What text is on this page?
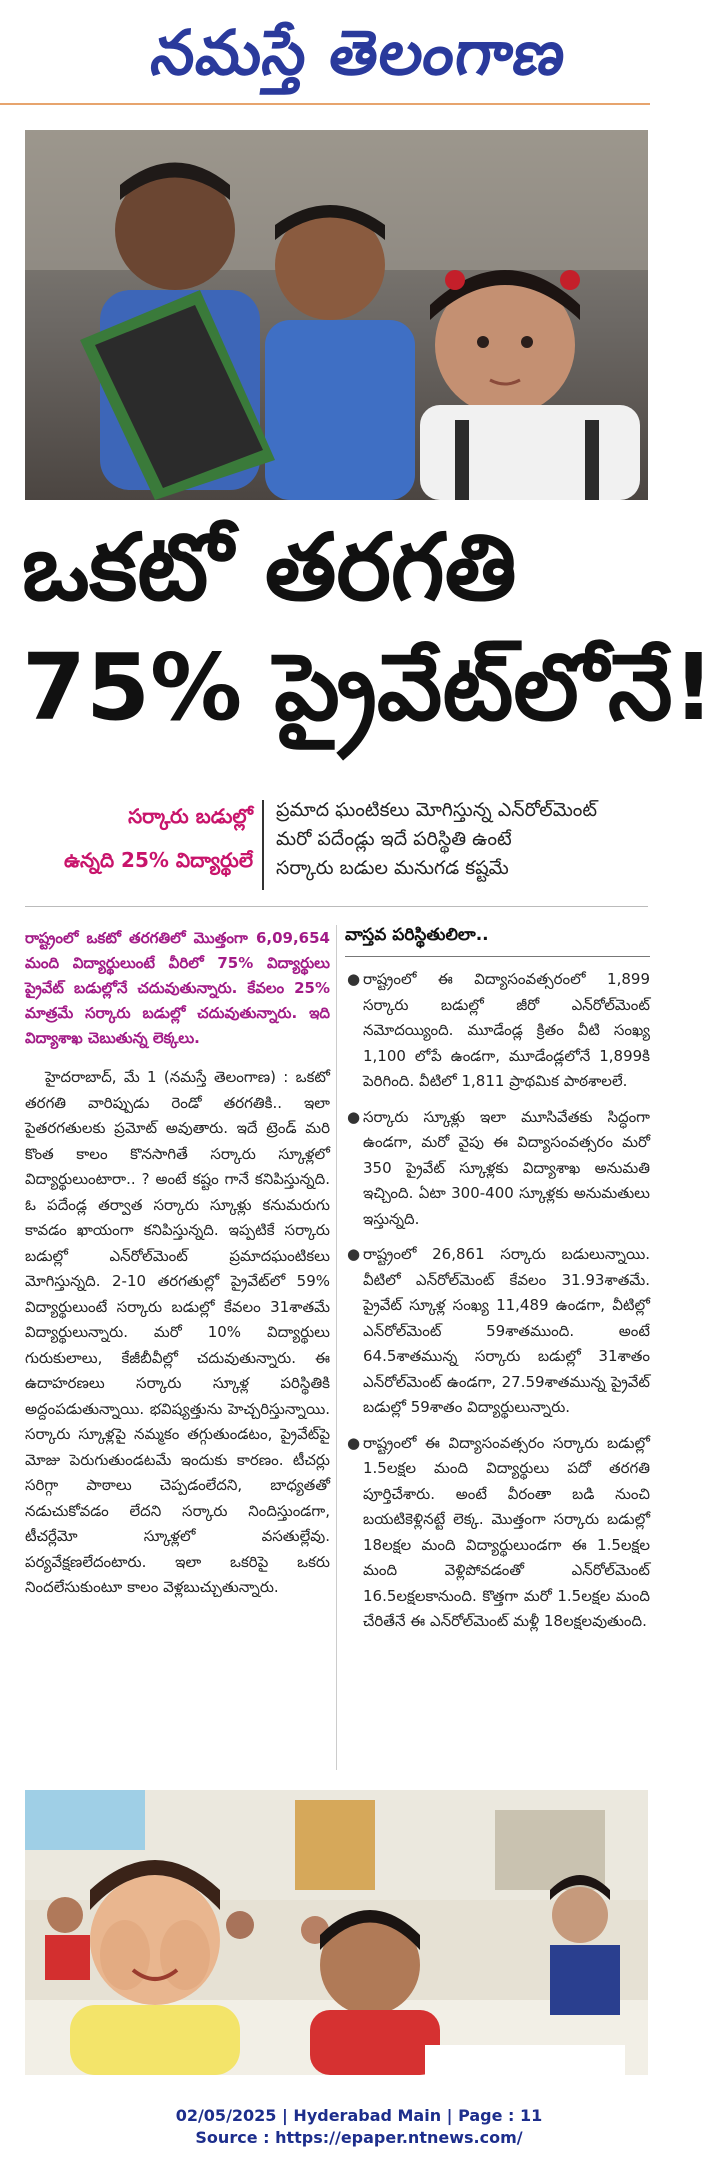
నమస్తే తెలంగాణ
ఒకటో తరగతి
75% ప్రైవేట్‌లోనే!
సర్కారు బడుల్లో
ఉన్నది 25% విద్యార్థులే
ప్రమాద ఘంటికలు మోగిస్తున్న ఎన్‌రోల్‌మెంట్‌
మరో పదేండ్లు ఇదే పరిస్థితి ఉంటే
సర్కారు బడుల మనుగడ కష్టమే
రాష్ట్రంలో ఒకటో తరగతిలో మొత్తంగా 6,09,654 మంది విద్యార్థులుంటే వీరిలో 75% విద్యార్థులు ప్రైవేట్‌ బడుల్లోనే చదువుతున్నారు. కేవలం 25% మాత్రమే సర్కారు బడుల్లో చదువుతున్నారు. ఇది విద్యాశాఖ చెబుతున్న లెక్కలు.
హైదరాబాద్‌, మే 1 (నమస్తే తెలంగాణ) : ఒకటో తరగతి వారిప్పుడు రెండో తరగతికి.. ఇలా పైతరగతులకు ప్రమోట్‌ అవుతారు. ఇదే ట్రెండ్‌ మరి కొంత కాలం కొనసాగితే సర్కారు స్కూళ్లలో విద్యార్థులుంటారా.. ? అంటే కష్టం గానే కనిపిస్తున్నది. ఓ పదేండ్ల తర్వాత సర్కారు స్కూళ్లు కనుమరుగు కావడం ఖాయంగా కనిపిస్తున్నది. ఇప్పటికే సర్కారు బడుల్లో ఎన్‌రోల్‌మెంట్‌ ప్రమాదఘంటికలు మోగిస్తున్నది. 2-10 తరగతుల్లో ప్రైవేట్‌లో 59% విద్యార్థులుంటే సర్కారు బడుల్లో కేవలం 31శాతమే విద్యార్థులున్నారు. మరో 10% విద్యార్థులు గురుకులాలు, కేజీబీవీల్లో చదువుతున్నారు. ఈ ఉదాహరణలు సర్కారు స్కూళ్ల పరిస్థితికి అద్దంపడుతున్నాయి. భవిష్యత్తును హెచ్చరిస్తున్నాయి. సర్కారు స్కూళ్లపై నమ్మకం తగ్గుతుండటం, ప్రైవేట్‌పై మోజు పెరుగుతుండటమే ఇందుకు కారణం. టీచర్లు సరిగ్గా పాఠాలు చెప్పడంలేదని, బాధ్యతతో నడుచుకోవడం లేదని సర్కారు నిందిస్తుండగా, టీచర్లేమో స్కూళ్లలో వసతుల్లేవు. పర్యవేక్షణలేదంటారు. ఇలా ఒకరిపై ఒకరు నిందలేసుకుంటూ కాలం వెళ్లబుచ్చుతున్నారు.
వాస్తవ పరిస్థితులిలా..
● రాష్ట్రంలో ఈ విద్యాసంవత్సరంలో 1,899 సర్కారు బడుల్లో జీరో ఎన్‌రోల్‌మెంట్‌ నమోదయ్యింది. మూడేండ్ల క్రితం వీటి సంఖ్య 1,100 లోపే ఉండగా, మూడేండ్లలోనే 1,899కి పెరిగింది. వీటిలో 1,811 ప్రాథమిక పాఠశాలలే.
● సర్కారు స్కూళ్లు ఇలా మూసివేతకు సిద్ధంగా ఉండగా, మరో వైపు ఈ విద్యాసంవత్సరం మరో 350 ప్రైవేట్‌ స్కూళ్లకు విద్యాశాఖ అనుమతి ఇచ్చింది. ఏటా 300-400 స్కూళ్లకు అనుమతులు ఇస్తున్నది.
● రాష్ట్రంలో 26,861 సర్కారు బడులున్నాయి. వీటిలో ఎన్‌రోల్‌మెంట్‌ కేవలం 31.93శాతమే. ప్రైవేట్‌ స్కూళ్ల సంఖ్య 11,489 ఉండగా, వీటిల్లో ఎన్‌రోల్‌మెంట్‌ 59శాతముంది. అంటే 64.5శాతమున్న సర్కారు బడుల్లో 31శాతం ఎన్‌రోల్‌మెంట్‌ ఉండగా, 27.59శాతమున్న ప్రైవేట్‌ బడుల్లో 59శాతం విద్యార్థులున్నారు.
● రాష్ట్రంలో ఈ విద్యాసంవత్సరం సర్కారు బడుల్లో 1.5లక్షల మంది విద్యార్థులు పదో తరగతి పూర్తిచేశారు. అంటే వీరంతా బడి నుంచి బయటికెళ్లినట్టే లెక్క. మొత్తంగా సర్కారు బడుల్లో 18లక్షల మంది విద్యార్థులుండగా ఈ 1.5లక్షల మంది వెళ్లిపోవడంతో ఎన్‌రోల్‌మెంట్‌ 16.5లక్షలకానుంది. కొత్తగా మరో 1.5లక్షల మంది చేరితేనే ఈ ఎన్‌రోల్‌మెంట్‌ మళ్లీ 18లక్షలవుతుంది.
02/05/2025 | Hyderabad Main | Page : 11
Source : https://epaper.ntnews.com/
